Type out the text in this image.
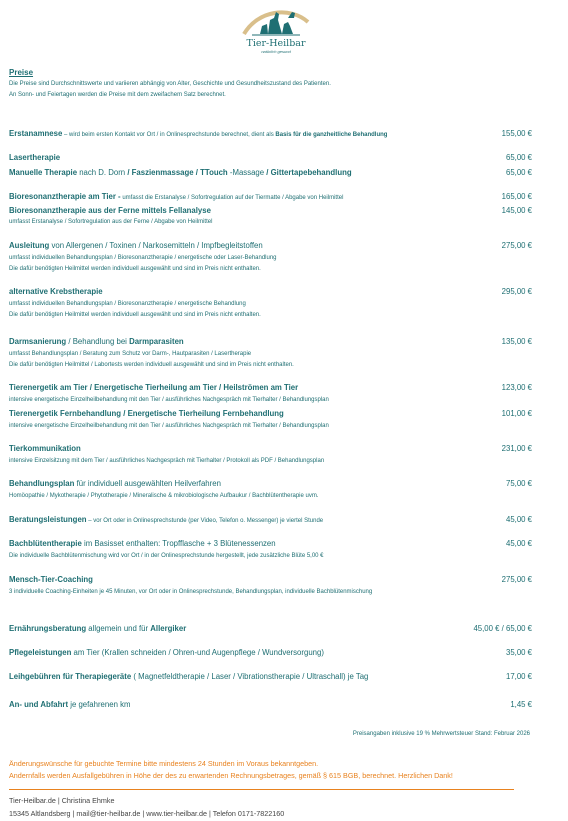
Tier-Heilbar
natürlich gesund
Preise
Die Preise sind Durchschnittswerte und variieren abhängig von Alter, Geschichte und Gesundheitszustand des Patienten.
An Sonn- und Feiertagen werden die Preise mit dem zweifachem Satz berechnet.
Erstanamnese – wird beim ersten Kontakt vor Ort / in Onlinesprechstunde berechnet, dient als Basis für die ganzheitliche Behandlung	155,00 €
Lasertherapie	65,00 €
Manuelle Therapie nach D. Dorn / Faszienmassage / TTouch -Massage / Gittertapebehandlung	65,00 €
Bioresonanztherapie am Tier - umfasst die Erstanalyse / Sofortregulation auf der Tiermatte / Abgabe von Heilmittel	165,00 €
Bioresonanztherapie aus der Ferne mittels Fellanalyse	145,00 €
umfasst Erstanalyse / Sofortregulation aus der Ferne / Abgabe von Heilmittel
Ausleitung von Allergenen / Toxinen / Narkosemitteln / Impfbegleitstoffen	275,00 €
umfasst individuellen Behandlungsplan / Bioresonanztherapie / energetische oder Laser-Behandlung
Die dafür benötigten Heilmittel werden individuell ausgewählt und sind im Preis nicht enthalten.
alternative Krebstherapie	295,00 €
umfasst individuellen Behandlungsplan / Bioresonanztherapie / energetische Behandlung
Die dafür benötigten Heilmittel werden individuell ausgewählt und sind im Preis nicht enthalten.
Darmsanierung / Behandlung bei Darmparasiten	135,00 €
umfasst Behandlungsplan / Beratung zum Schutz vor Darm-, Hautparasiten / Lasertherapie
Die dafür benötigten Heilmittel / Labortests werden individuell ausgewählt und sind im Preis nicht enthalten.
Tierenergetik am Tier / Energetische Tierheilung am Tier / Heilströmen am Tier	123,00 €
intensive energetische Einzelheilbehandlung mit den Tier / ausführliches Nachgespräch mit Tierhalter / Behandlungsplan
Tierenergetik Fernbehandlung / Energetische Tierheilung Fernbehandlung	101,00 €
intensive energetische Einzelheilbehandlung mit den Tier / ausführliches Nachgespräch mit Tierhalter / Behandlungsplan
Tierkommunikation	231,00 €
intensive Einzelsitzung mit dem Tier / ausführliches Nachgespräch mit Tierhalter / Protokoll als PDF / Behandlungsplan
Behandlungsplan für individuell ausgewählten Heilverfahren	75,00 €
Homöopathie / Mykotherapie / Phytotherapie / Mineralische & mikrobiologische Aufbaukur / Bachblütentherapie uvm.
Beratungsleistungen – vor Ort oder in Onlinesprechstunde (per Video, Telefon o. Messenger) je viertel Stunde	45,00 €
Bachblütentherapie im Basisset enthalten: Tropfflasche + 3 Blütenessenzen	45,00 €
Die individuelle Bachblütenmischung wird vor Ort / in der Onlinesprechstunde hergestellt, jede zusätzliche Blüte 5,00 €
Mensch-Tier-Coaching	275,00 €
3 individuelle Coaching-Einheiten je 45 Minuten, vor Ort oder in Onlinesprechstunde, Behandlungsplan, individuelle Bachblütenmischung
Ernährungsberatung allgemein und für Allergiker	45,00 € / 65,00 €
Pflegeleistungen am Tier (Krallen schneiden / Ohren-und Augenpflege / Wundversorgung)	35,00 €
Leihgebühren für Therapiegeräte ( Magnetfeldtherapie / Laser / Vibrationstherapie / Ultraschall) je Tag	17,00 €
An- und Abfahrt je gefahrenen km	1,45 €
Preisangaben inklusive 19 % Mehrwertsteuer Stand: Februar 2026
Änderungswünsche für gebuchte Termine bitte mindestens 24 Stunden im Voraus bekanntgeben.
Andernfalls werden Ausfallgebühren in Höhe der des zu erwartenden Rechnungsbetrages, gemäß § 615 BGB, berechnet. Herzlichen Dank!
Tier-Heilbar.de | Christina Ehmke
15345 Altlandsberg | mail@tier-heilbar.de | www.tier-heilbar.de | Telefon 0171-7822160
